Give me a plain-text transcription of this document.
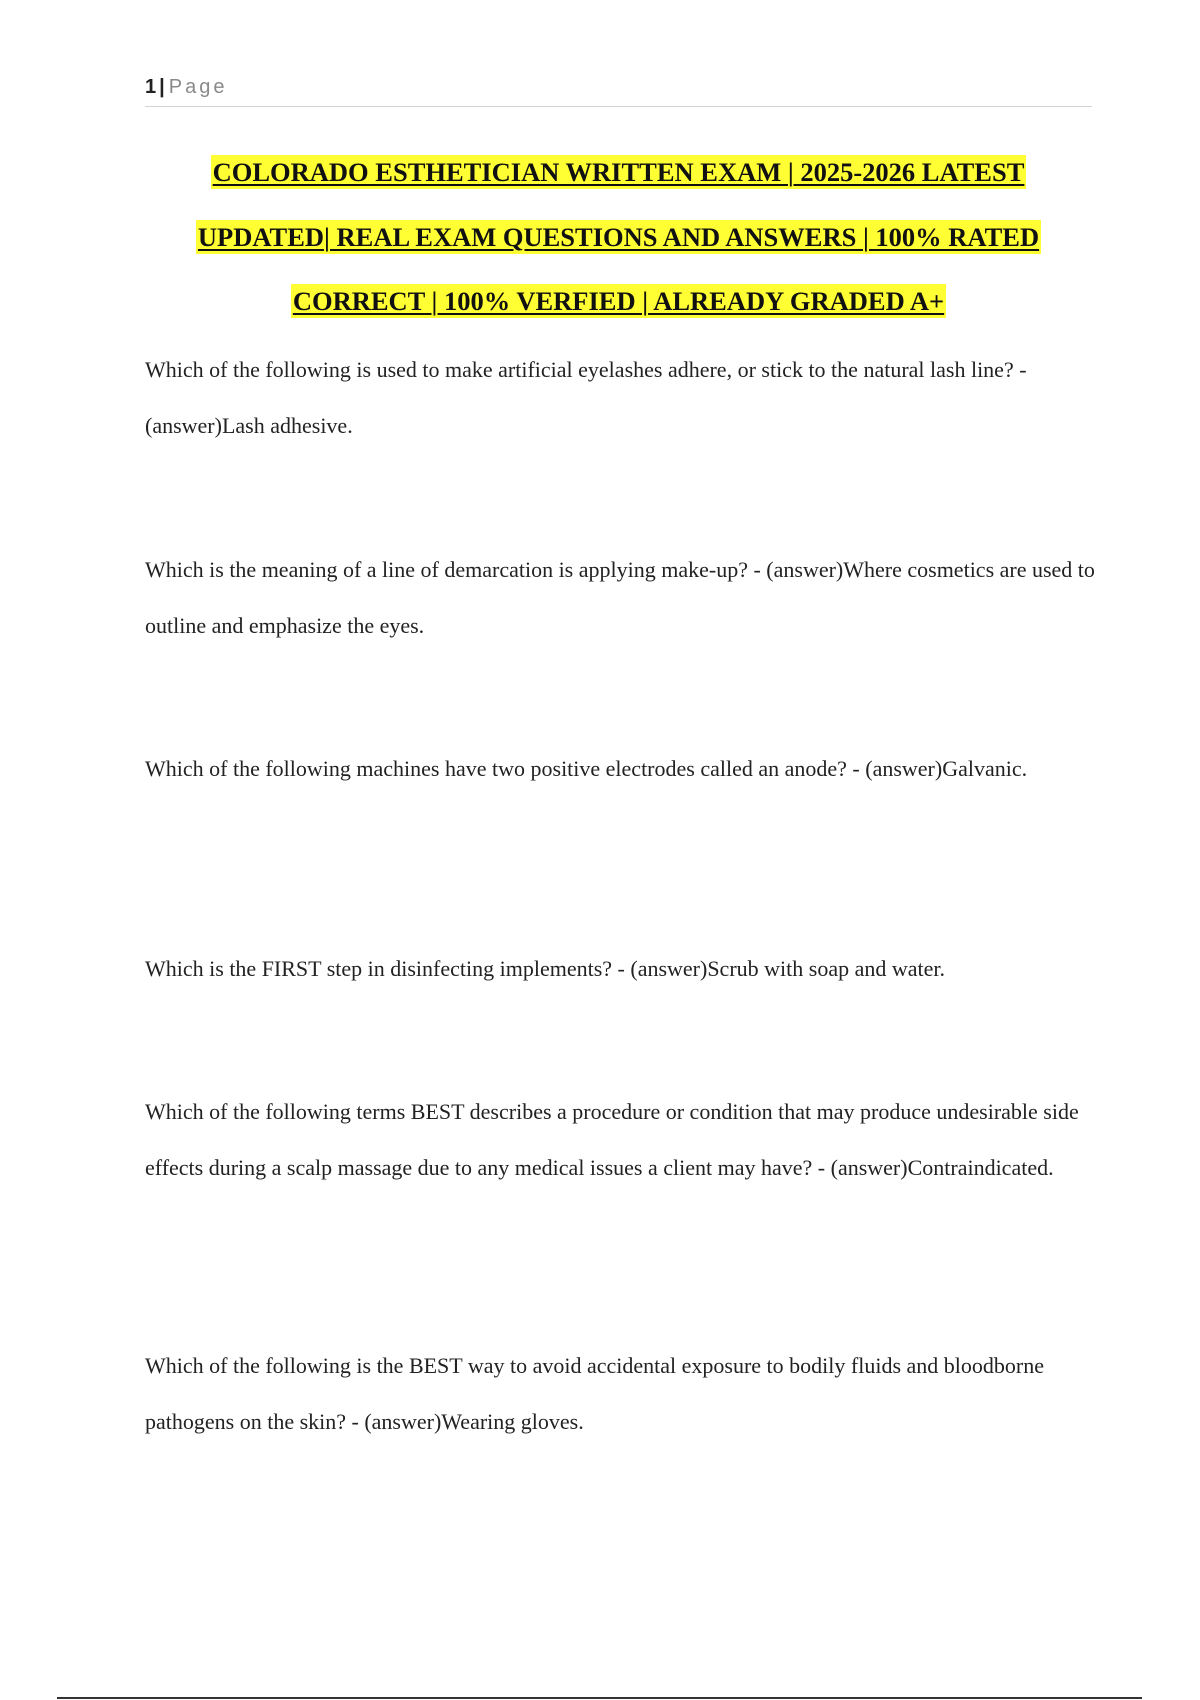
1 | Page
COLORADO ESTHETICIAN WRITTEN EXAM | 2025-2026 LATEST
UPDATED| REAL EXAM QUESTIONS AND ANSWERS | 100% RATED
CORRECT | 100% VERFIED | ALREADY GRADED A+

Which of the following is used to make artificial eyelashes adhere, or stick to the natural lash line? - (answer)Lash adhesive.

Which is the meaning of a line of demarcation is applying make-up? - (answer)Where cosmetics are used to outline and emphasize the eyes.

Which of the following machines have two positive electrodes called an anode? - (answer)Galvanic.

Which is the FIRST step in disinfecting implements? - (answer)Scrub with soap and water.

Which of the following terms BEST describes a procedure or condition that may produce undesirable side effects during a scalp massage due to any medical issues a client may have? - (answer)Contraindicated.

Which of the following is the BEST way to avoid accidental exposure to bodily fluids and bloodborne pathogens on the skin? - (answer)Wearing gloves.
